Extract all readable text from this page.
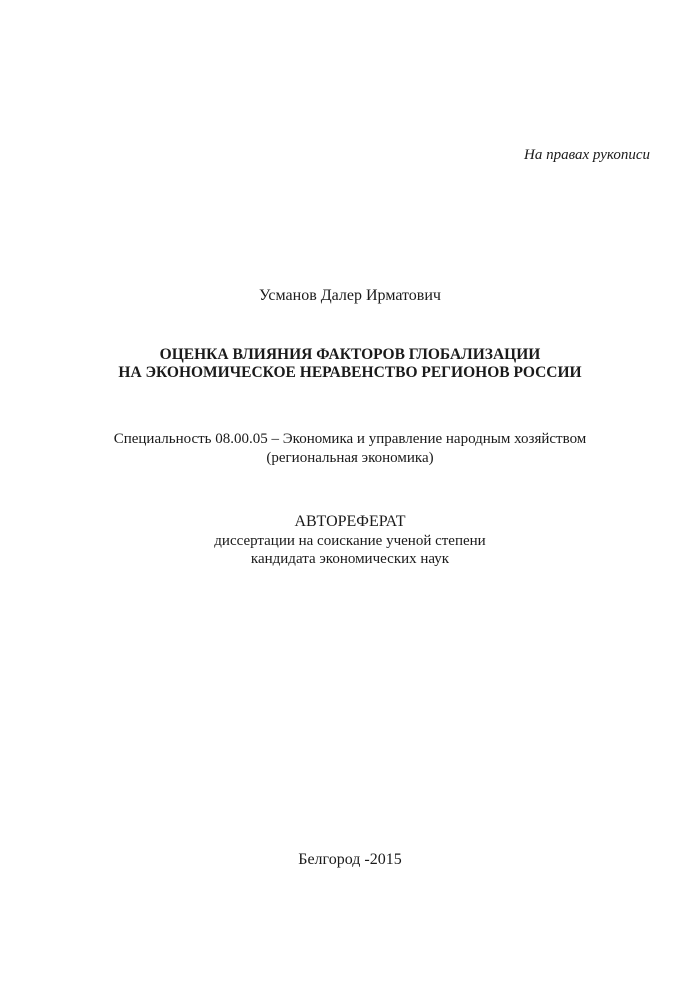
На правах рукописи
Усманов Далер Ирматович
ОЦЕНКА ВЛИЯНИЯ ФАКТОРОВ ГЛОБАЛИЗАЦИИ
НА ЭКОНОМИЧЕСКОЕ НЕРАВЕНСТВО РЕГИОНОВ РОССИИ
Специальность 08.00.05 – Экономика и управление народным хозяйством
(региональная экономика)
АВТОРЕФЕРАТ
диссертации на соискание ученой степени
кандидата экономических наук
Белгород -2015
